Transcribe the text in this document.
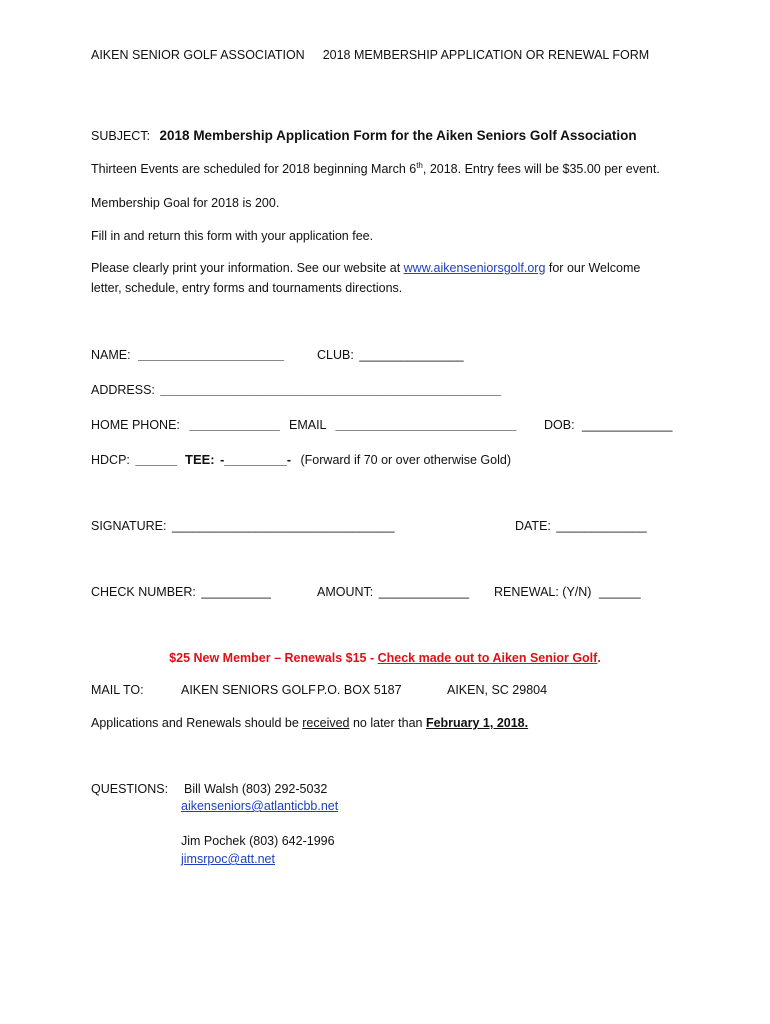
AIKEN SENIOR GOLF ASSOCIATION 2018 MEMBERSHIP APPLICATION OR RENEWAL FORM
SUBJECT: 2018 Membership Application Form for the Aiken Seniors Golf Association
Thirteen Events are scheduled for 2018 beginning March 6th, 2018. Entry fees will be $35.00 per event.
Membership Goal for 2018 is 200.
Fill in and return this form with your application fee.
Please clearly print your information. See our website at www.aikenseniorsgolf.org for our Welcome
letter, schedule, entry forms and tournaments directions.
NAME: _____________________	CLUB: _______________
ADDRESS: _________________________________________________
HOME PHONE: _____________ EMAIL __________________________ DOB: _____________
HDCP: ______ TEE: -_________- (Forward if 70 or over otherwise Gold)
SIGNATURE: ________________________________	DATE: _____________
CHECK NUMBER: __________	AMOUNT: _____________ RENEWAL: (Y/N) ______
$25 New Member – Renewals $15 - Check made out to Aiken Senior Golf.
MAIL TO:	AIKEN SENIORS GOLF P.O. BOX 5187	AIKEN, SC 29804
Applications and Renewals should be received no later than February 1, 2018.
QUESTIONS: Bill Walsh (803) 292-5032
aikenseniors@atlanticbb.net
Jim Pochek (803) 642-1996
jimsrpoc@att.net
